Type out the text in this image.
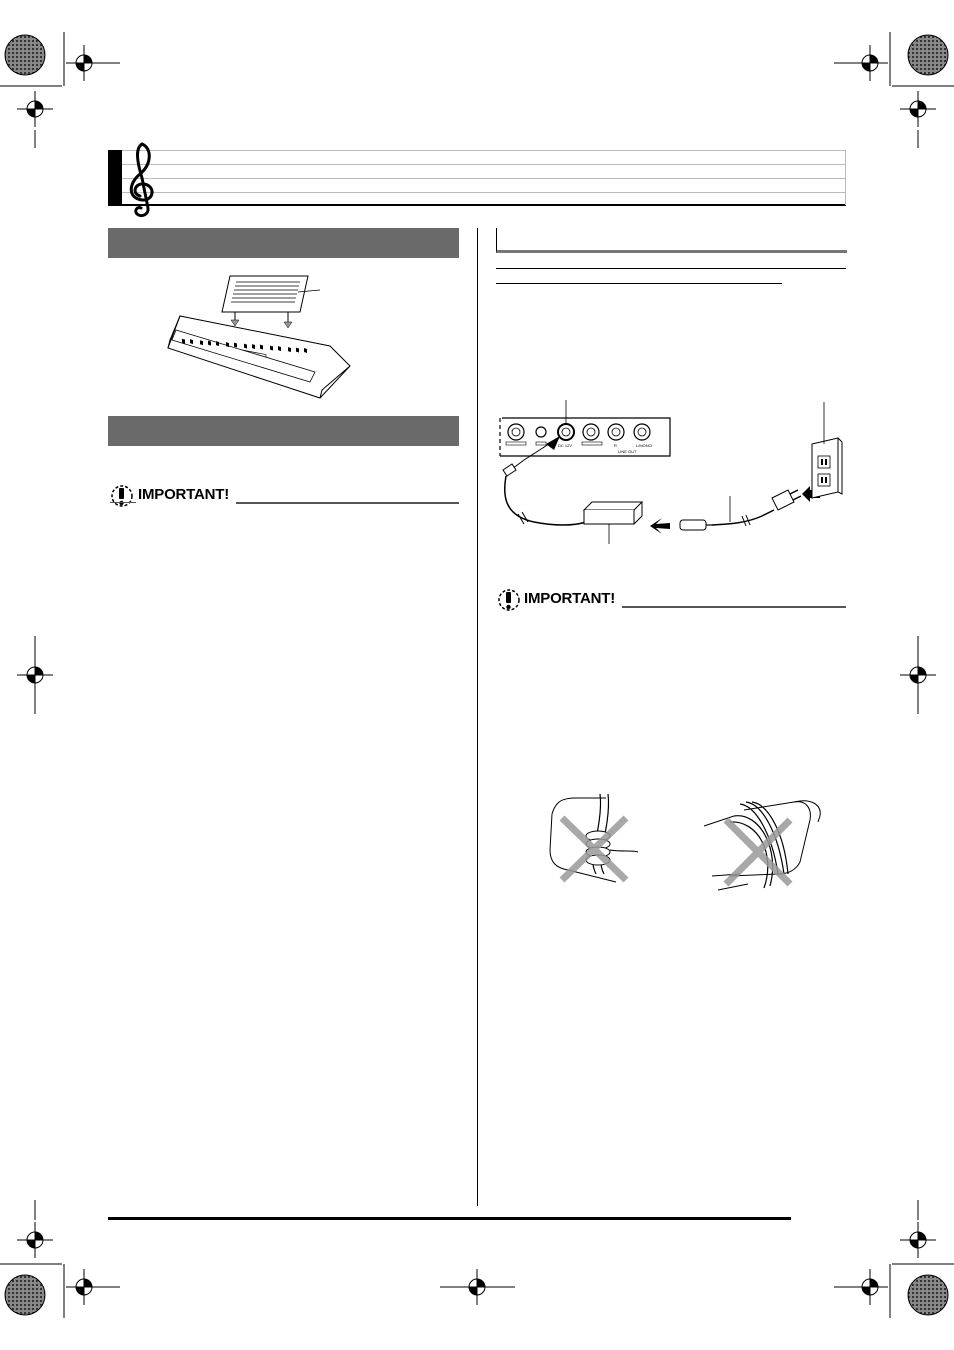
IMPORTANT!
DC 12V	R	L/MONO
LINE OUT
IMPORTANT!
